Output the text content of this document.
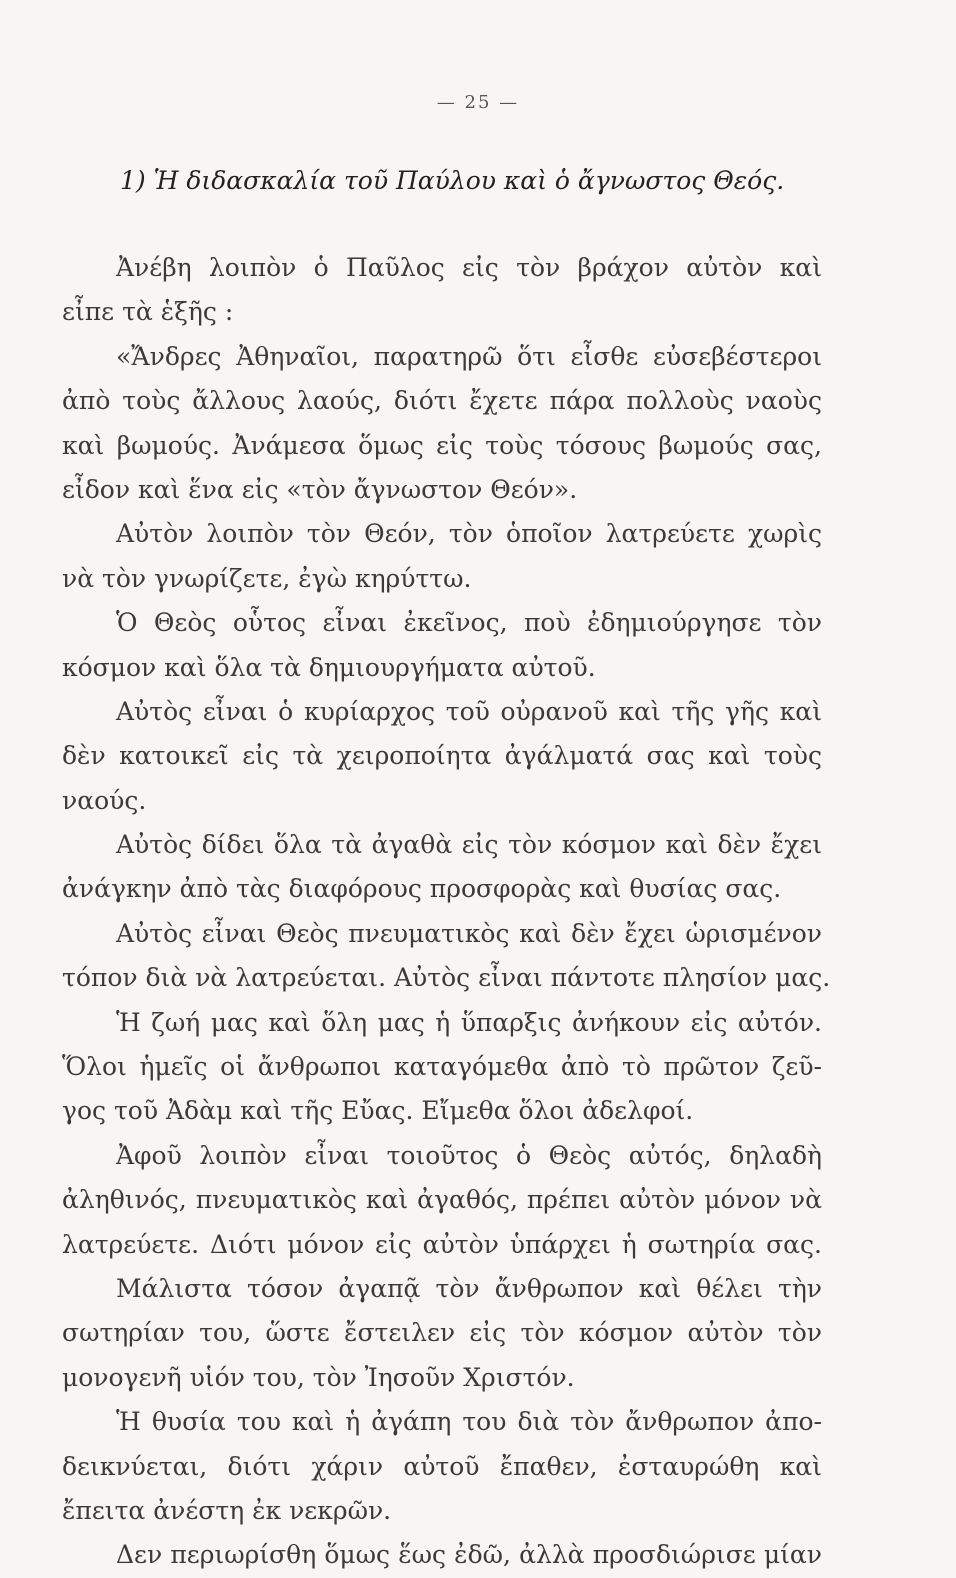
— 25 —
1) Ἡ διδασκαλία τοῦ Παύλου καὶ ὁ ἄγνωστος Θεός.
Ἀνέβη λοιπὸν ὁ Παῦλος εἰς τὸν βράχον αὐτὸν καὶ
εἶπε τὰ ἑξῆς :
«Ἄνδρες Ἀθηναῖοι, παρατηρῶ ὅτι εἶσθε εὐσεβέστεροι
ἀπὸ τοὺς ἄλλους λαούς, διότι ἔχετε πάρα πολλοὺς ναοὺς
καὶ βωμούς. Ἀνάμεσα ὅμως εἰς τοὺς τόσους βωμούς σας,
εἶδον καὶ ἕνα εἰς «τὸν ἄγνωστον Θεόν».
Αὐτὸν λοιπὸν τὸν Θεόν, τὸν ὁποῖον λατρεύετε χωρὶς
νὰ τὸν γνωρίζετε, ἐγὼ κηρύττω.
Ὁ Θεὸς οὗτος εἶναι ἐκεῖνος, ποὺ ἐδημιούργησε τὸν
κόσμον καὶ ὅλα τὰ δημιουργήματα αὐτοῦ.
Αὐτὸς εἶναι ὁ κυρίαρχος τοῦ οὐρανοῦ καὶ τῆς γῆς καὶ
δὲν κατοικεῖ εἰς τὰ χειροποίητα ἀγάλματά σας καὶ τοὺς
ναούς.
Αὐτὸς δίδει ὅλα τὰ ἀγαθὰ εἰς τὸν κόσμον καὶ δὲν ἔχει
ἀνάγκην ἀπὸ τὰς διαφόρους προσφορὰς καὶ θυσίας σας.
Αὐτὸς εἶναι Θεὸς πνευματικὸς καὶ δὲν ἔχει ὡρισμένον
τόπον διὰ νὰ λατρεύεται. Αὐτὸς εἶναι πάντοτε πλησίον μας.
Ἡ ζωή μας καὶ ὅλη μας ἡ ὕπαρξις ἀνήκουν εἰς αὐτόν.
Ὅλοι ἡμεῖς οἱ ἄνθρωποι καταγόμεθα ἀπὸ τὸ πρῶτον ζεῦ-
γος τοῦ Ἀδὰμ καὶ τῆς Εὔας. Εἴμεθα ὅλοι ἀδελφοί.
Ἀφοῦ λοιπὸν εἶναι τοιοῦτος ὁ Θεὸς αὐτός, δηλαδὴ
ἀληθινός, πνευματικὸς καὶ ἀγαθός, πρέπει αὐτὸν μόνον νὰ
λατρεύετε. Διότι μόνον εἰς αὐτὸν ὑπάρχει ἡ σωτηρία σας.
Μάλιστα τόσον ἀγαπᾷ τὸν ἄνθρωπον καὶ θέλει τὴν
σωτηρίαν του, ὥστε ἔστειλεν εἰς τὸν κόσμον αὐτὸν τὸν
μονογενῆ υἱόν του, τὸν Ἰησοῦν Χριστόν.
Ἡ θυσία του καὶ ἡ ἀγάπη του διὰ τὸν ἄνθρωπον ἀπο-
δεικνύεται, διότι χάριν αὐτοῦ ἔπαθεν, ἐσταυρώθη καὶ
ἔπειτα ἀνέστη ἐκ νεκρῶν.
Δεν περιωρίσθη ὅμως ἕως ἐδῶ, ἀλλὰ προσδιώρισε μίαν
